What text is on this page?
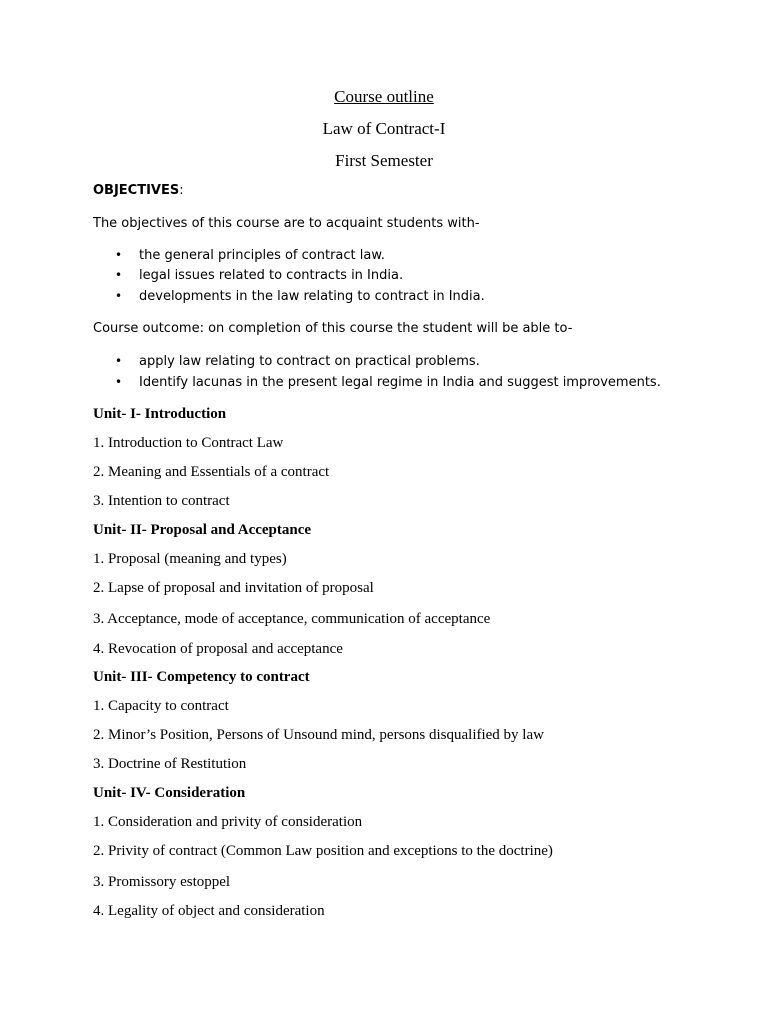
Course outline
Law of Contract-I
First Semester
OBJECTIVES:
The objectives of this course are to acquaint students with-
• the general principles of contract law.
• legal issues related to contracts in India.
• developments in the law relating to contract in India.
Course outcome: on completion of this course the student will be able to-
• apply law relating to contract on practical problems.
• Identify lacunas in the present legal regime in India and suggest improvements.
Unit- I- Introduction
1. Introduction to Contract Law
2. Meaning and Essentials of a contract
3. Intention to contract
Unit- II- Proposal and Acceptance
1. Proposal (meaning and types)
2. Lapse of proposal and invitation of proposal
3. Acceptance, mode of acceptance, communication of acceptance
4. Revocation of proposal and acceptance
Unit- III- Competency to contract
1. Capacity to contract
2. Minor’s Position, Persons of Unsound mind, persons disqualified by law
3. Doctrine of Restitution
Unit- IV- Consideration
1. Consideration and privity of consideration
2. Privity of contract (Common Law position and exceptions to the doctrine)
3. Promissory estoppel
4. Legality of object and consideration
